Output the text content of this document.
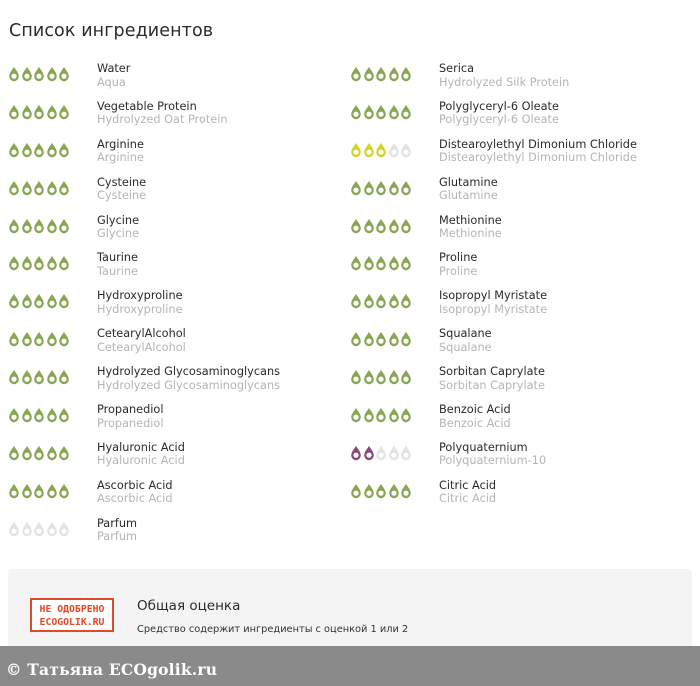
Список ингредиентов
Water
Aqua
Vegetable Protein
Hydrolyzed Oat Protein
Arginine
Arginine
Cysteine
Cysteine
Glycine
Glycine
Taurine
Taurine
Hydroxyproline
Hydroxyproline
CetearylAlcohol
CetearylAlcohol
Hydrolyzed Glycosaminoglycans
Hydrolyzed Glycosaminoglycans
Propanediol
Propanediol
Hyaluronic Acid
Hyaluronic Acid
Ascorbic Acid
Ascorbic Acid
Parfum
Parfum
Serica
Hydrolyzed Silk Protein
Polyglyceryl-6 Oleate
Polyglyceryl-6 Oleate
Distearoylethyl Dimonium Chloride
Distearoylethyl Dimonium Chloride
Glutamine
Glutamine
Methionine
Methionine
Proline
Proline
Isopropyl Myristate
Isopropyl Myristate
Squalane
Squalane
Sorbitan Caprylate
Sorbitan Caprylate
Benzoic Acid
Benzoic Acid
Polyquaternium
Polyquaternium-10
Citric Acid
Citric Acid
НЕ ОДОБРЕНО
ECOGOLIK.RU
Общая оценка
Средство содержит ингредиенты с оценкой 1 или 2
© Татьяна ECOgolik.ru
